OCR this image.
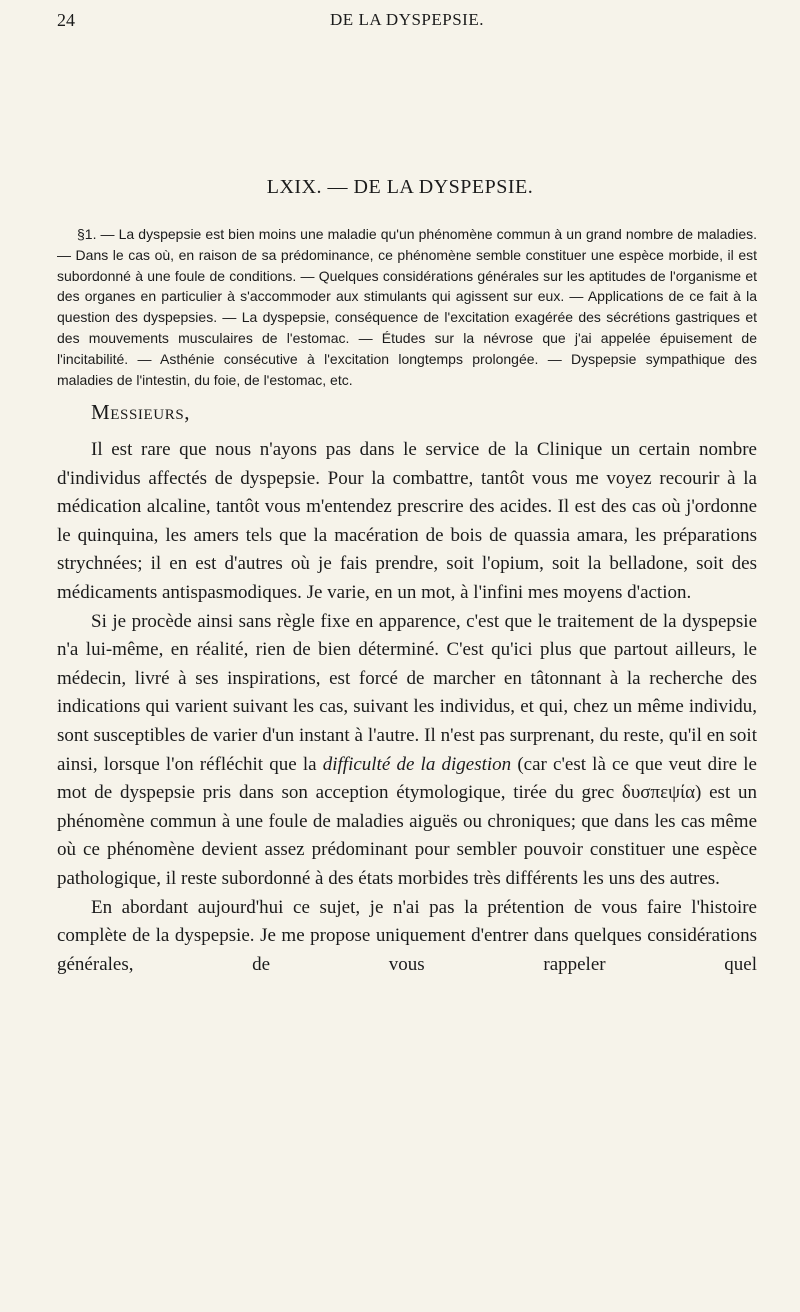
24	DE LA DYSPEPSIE.
LXIX. — DE LA DYSPEPSIE.

§1. — La dyspepsie est bien moins une maladie qu'un phénomène commun à un grand nombre de maladies. — Dans le cas où, en raison de sa prédominance, ce phénomène semble constituer une espèce morbide, il est subordonné à une foule de conditions. — Quelques considérations générales sur les aptitudes de l'organisme et des organes en particulier à s'accommoder aux stimulants qui agissent sur eux. — Applications de ce fait à la question des dyspepsies. — La dyspepsie, conséquence de l'excitation exagérée des sécrétions gastriques et des mouvements musculaires de l'estomac. — Études sur la névrose que j'ai appelée épuisement de l'incitabilité. — Asthénie consécutive à l'excitation longtemps prolongée. — Dyspepsie sympathique des maladies de l'intestin, du foie, de l'estomac, etc.

Messieurs,

Il est rare que nous n'ayons pas dans le service de la Clinique un certain nombre d'individus affectés de dyspepsie. Pour la combattre, tantôt vous me voyez recourir à la médication alcaline, tantôt vous m'entendez prescrire des acides. Il est des cas où j'ordonne le quinquina, les amers tels que la macération de bois de quassia amara, les préparations strychnées; il en est d'autres où je fais prendre, soit l'opium, soit la belladone, soit des médicaments antispasmodiques. Je varie, en un mot, à l'infini mes moyens d'action.

Si je procède ainsi sans règle fixe en apparence, c'est que le traitement de la dyspepsie n'a lui-même, en réalité, rien de bien déterminé. C'est qu'ici plus que partout ailleurs, le médecin, livré à ses inspirations, est forcé de marcher en tâtonnant à la recherche des indications qui varient suivant les cas, suivant les individus, et qui, chez un même individu, sont susceptibles de varier d'un instant à l'autre. Il n'est pas surprenant, du reste, qu'il en soit ainsi, lorsque l'on réfléchit que la difficulté de la digestion (car c'est là ce que veut dire le mot de dyspepsie pris dans son acception étymologique, tirée du grec δυσπεψία) est un phénomène commun à une foule de maladies aiguës ou chroniques; que dans les cas même où ce phénomène devient assez prédominant pour sembler pouvoir constituer une espèce pathologique, il reste subordonné à des états morbides très différents les uns des autres.

En abordant aujourd'hui ce sujet, je n'ai pas la prétention de vous faire l'histoire complète de la dyspepsie. Je me propose uniquement d'entrer dans quelques considérations générales, de vous rappeler quel
